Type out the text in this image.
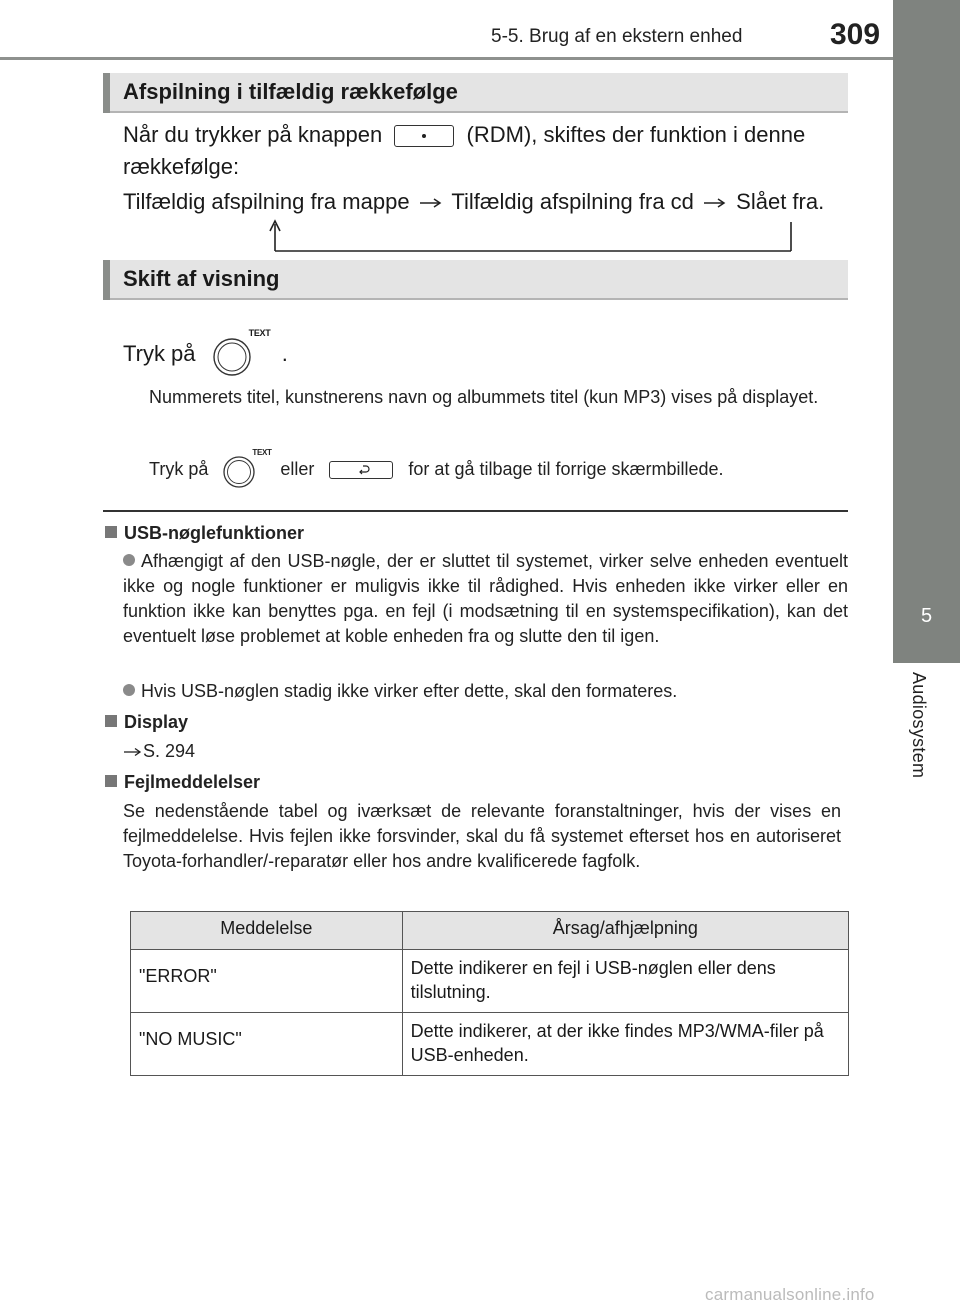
5-5. Brug af en ekstern enhed	309
5
Audiosystem
Afspilning i tilfældig rækkefølge
Når du trykker på knappen	(RDM), skiftes der funktion i denne
rækkefølge:
Tilfældig afspilning fra mappe Tilfældig afspilning fra cd Slået fra.
Skift af visning
Tryk på
TEXT
.
Nummerets titel, kunstnerens navn og albummets titel (kun MP3) vises på displayet.
Tryk på
TEXT
eller	for at gå tilbage til forrige skærmbillede.
USB-nøglefunktioner
Afhængigt af den USB-nøgle, der er sluttet til systemet, virker selve enheden eventuelt ikke og nogle funktioner er muligvis ikke til rådighed. Hvis enheden ikke virker eller en funktion ikke kan benyttes pga. en fejl (i modsætning til en systemspecifikation), kan det eventuelt løse problemet at koble enheden fra og slutte den til igen.
Hvis USB-nøglen stadig ikke virker efter dette, skal den formateres.
Display
S. 294
Fejlmeddelelser
Se nedenstående tabel og iværksæt de relevante foranstaltninger, hvis der vises en fejlmeddelelse. Hvis fejlen ikke forsvinder, skal du få systemet efterset hos en autoriseret Toyota-forhandler/-reparatør eller hos andre kvalificerede fagfolk.
Meddelelse	Årsag/afhjælpning
"ERROR"	Dette indikerer en fejl i USB-nøglen eller dens tilslutning.
"NO MUSIC"	Dette indikerer, at der ikke findes MP3/WMA-filer på USB-enheden.
carmanualsonline.info
